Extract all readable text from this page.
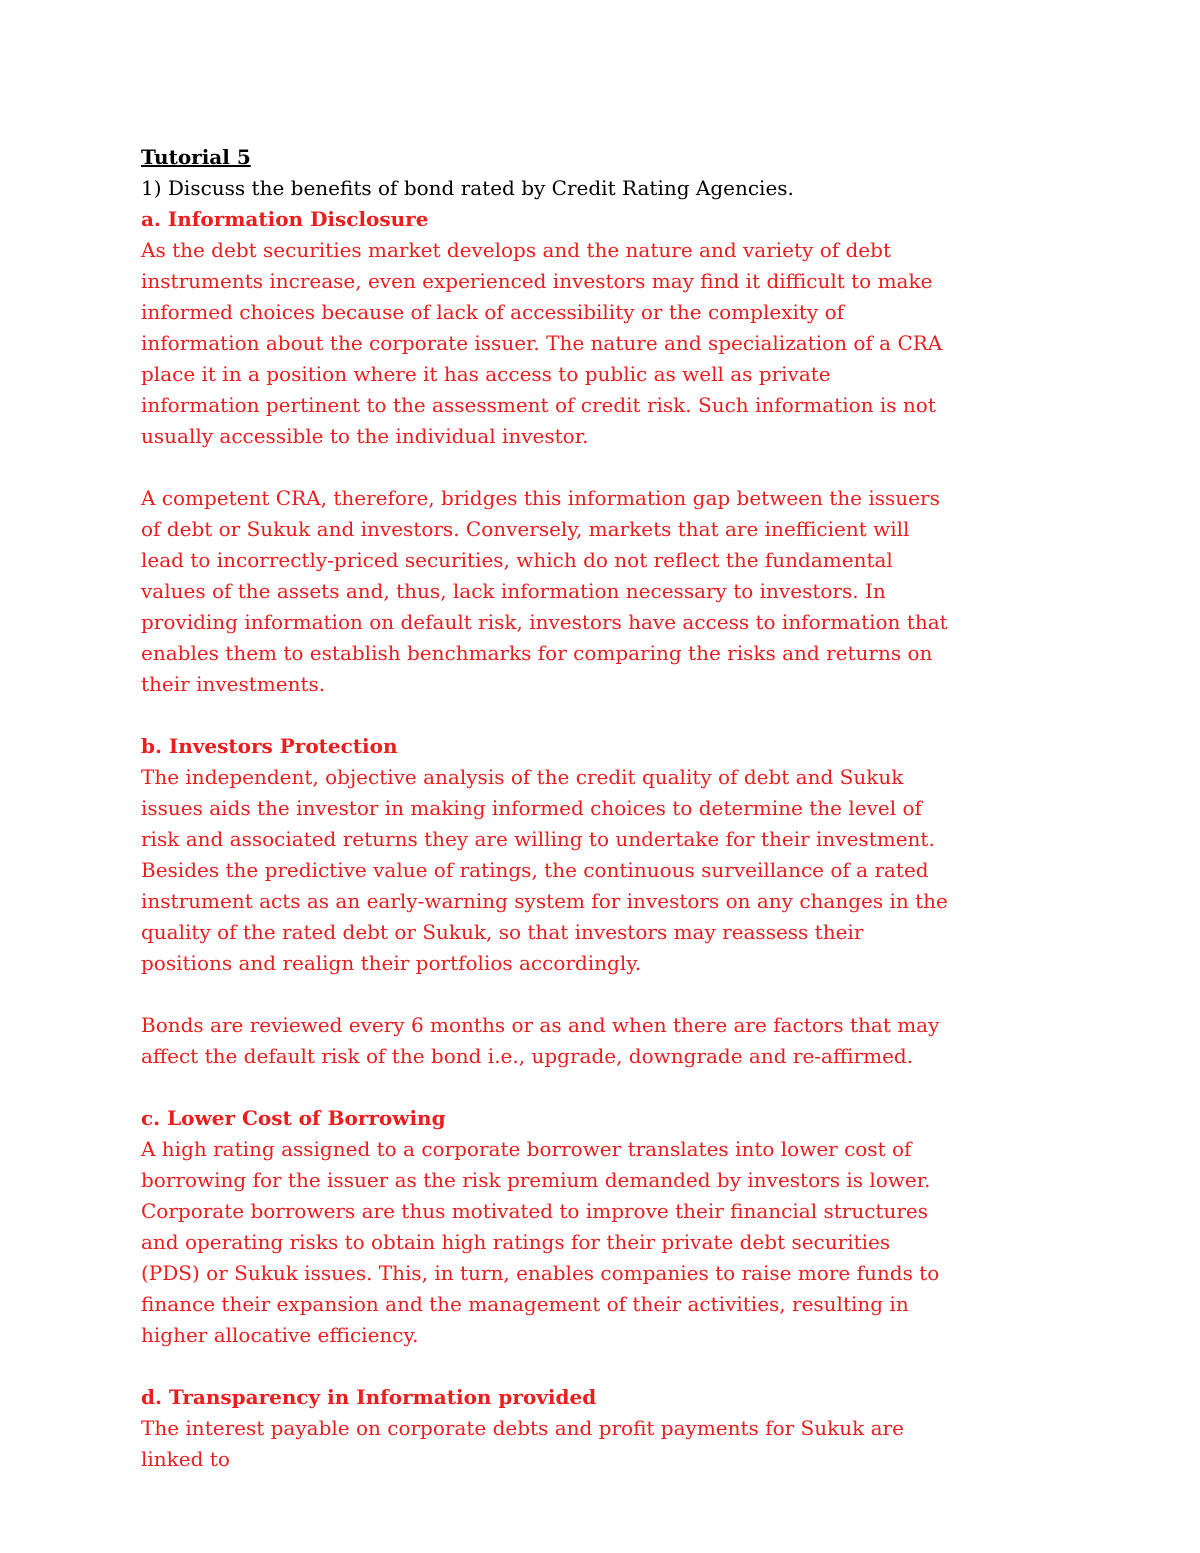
Tutorial 5

1) Discuss the benefits of bond rated by Credit Rating Agencies.

a. Information Disclosure

As the debt securities market develops and the nature and variety of debt instruments increase, even experienced investors may find it difficult to make informed choices because of lack of accessibility or the complexity of information about the corporate issuer. The nature and specialization of a CRA place it in a position where it has access to public as well as private information pertinent to the assessment of credit risk. Such information is not usually accessible to the individual investor.

A competent CRA, therefore, bridges this information gap between the issuers of debt or Sukuk and investors. Conversely, markets that are inefficient will lead to incorrectly-priced securities, which do not reflect the fundamental values of the assets and, thus, lack information necessary to investors. In providing information on default risk, investors have access to information that enables them to establish benchmarks for comparing the risks and returns on their investments.

b. Investors Protection

The independent, objective analysis of the credit quality of debt and Sukuk issues aids the investor in making informed choices to determine the level of risk and associated returns they are willing to undertake for their investment. Besides the predictive value of ratings, the continuous surveillance of a rated instrument acts as an early-warning system for investors on any changes in the quality of the rated debt or Sukuk, so that investors may reassess their positions and realign their portfolios accordingly.

Bonds are reviewed every 6 months or as and when there are factors that may affect the default risk of the bond i.e., upgrade, downgrade and re-affirmed.

c. Lower Cost of Borrowing

A high rating assigned to a corporate borrower translates into lower cost of borrowing for the issuer as the risk premium demanded by investors is lower. Corporate borrowers are thus motivated to improve their financial structures and operating risks to obtain high ratings for their private debt securities (PDS) or Sukuk issues. This, in turn, enables companies to raise more funds to finance their expansion and the management of their activities, resulting in higher allocative efficiency.

d. Transparency in Information provided

The interest payable on corporate debts and profit payments for Sukuk are linked to
